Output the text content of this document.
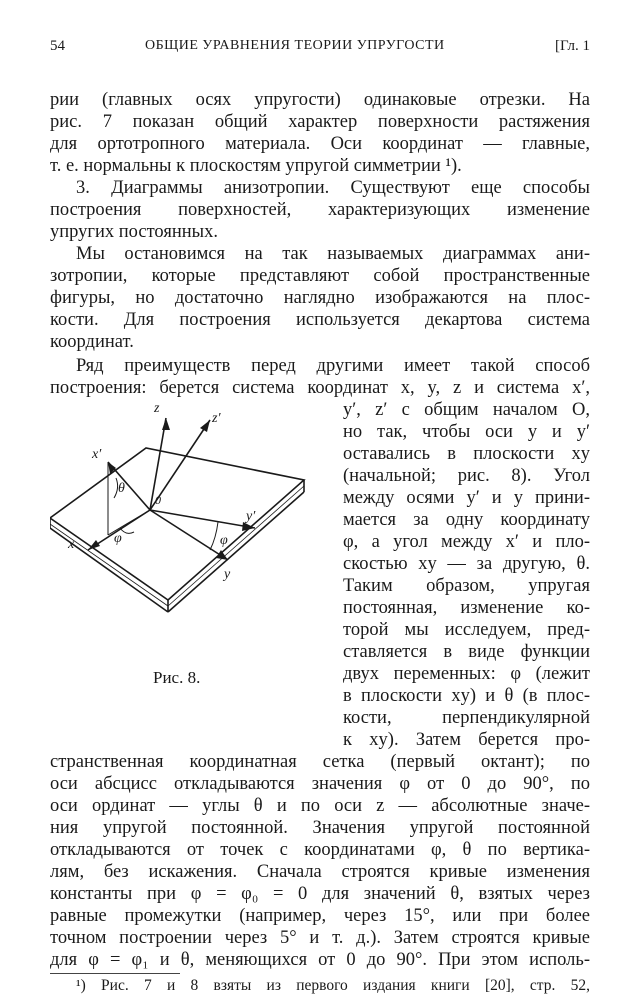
54	ОБЩИЕ УРАВНЕНИЯ ТЕОРИИ УПРУГОСТИ	[Гл. 1
рии (главных осях упругости) одинаковые отрезки. На
рис. 7 показан общий характер поверхности растяжения
для ортотропного материала. Оси координат — главные,
т. е. нормальны к плоскостям упругой симметрии ¹).
3. Диаграммы анизотропии. Существуют еще способы
построения поверхностей, характеризующих изменение
упругих постоянных.
Мы остановимся на так называемых диаграммах ани-
зотропии, которые представляют собой пространственные
фигуры, но достаточно наглядно изображаются на плос-
кости. Для построения используется декартова система
координат.
Ряд преимуществ перед другими имеет такой способ
построения: берется система координат x, y, z и система x′,
y′, z′ с общим началом O,
но так, чтобы оси y и y′
оставались в плоскости xy
(начальной; рис. 8). Угол
между осями y′ и y прини-
мается за одну координату
φ, а угол между x′ и пло-
скостью xy — за другую, θ.
Таким образом, упругая
постоянная, изменение ко-
торой мы исследуем, пред-
ставляется в виде функции
двух переменных: φ (лежит
в плоскости xy) и θ (в плос-
кости, перпендикулярной
к xy). Затем берется про-
z
z′
x′
θ
0
y′
x	φ	φ
y
Рис. 8.
странственная координатная сетка (первый октант); по
оси абсцисс откладываются значения φ от 0 до 90°, по
оси ординат — углы θ и по оси z — абсолютные значе-
ния упругой постоянной. Значения упругой постоянной
откладываются от точек с координатами φ, θ по вертика-
лям, без искажения. Сначала строятся кривые изменения
константы при φ = φ₀ = 0 для значений θ, взятых через
равные промежутки (например, через 15°, или при более
точном построении через 5° и т. д.). Затем строятся кривые
для φ = φ₁ и θ, меняющихся от 0 до 90°. При этом исполь-
¹) Рис. 7 и 8 взяты из первого издания книги [20], стр. 52,
